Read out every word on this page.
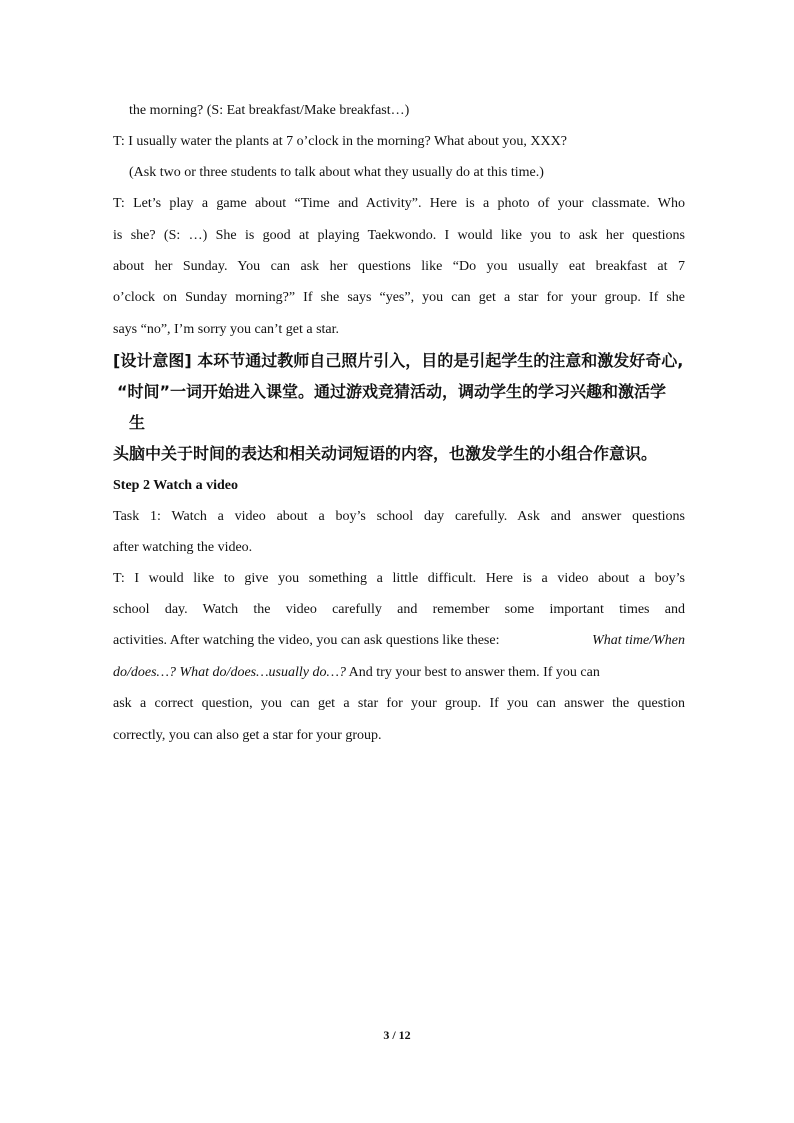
the morning? (S: Eat breakfast/Make breakfast…)

T: I usually water the plants at 7 o’clock in the morning? What about you, XXX?

(Ask two or three students to talk about what they usually do at this time.)

T: Let’s play a game about “Time and Activity”. Here is a photo of your classmate. Who

is she? (S: …) She is good at playing Taekwondo. I would like you to ask her questions

about her Sunday. You can ask her questions like “Do you usually eat breakfast at 7

o’clock on Sunday morning?” If she says “yes”, you can get a star for your group. If she

says “no”, I’m sorry you can’t get a star.

[设计意图] 本环节通过教师自己照片引入，目的是引起学生的注意和激发好奇心,

“时间”一词开始进入课堂。通过游戏竞猜活动，调动学生的学习兴趣和激活学

生

头脑中关于时间的表达和相关动词短语的内容，也激发学生的小组合作意识。

Step 2 Watch a video

Task 1: Watch a video about a boy’s school day carefully. Ask and answer questions

after watching the video.

T: I would like to give you something a little difficult. Here is a video about a boy’s

school day. Watch the video carefully and remember some important times and

activities. After watching the video, you can ask questions like these:	What time/When
do/does…? What do/does…usually do…? And try your best to answer them. If you can

ask a correct question, you can get a star for your group. If you can answer the question

correctly, you can also get a star for your group.

3 / 12
